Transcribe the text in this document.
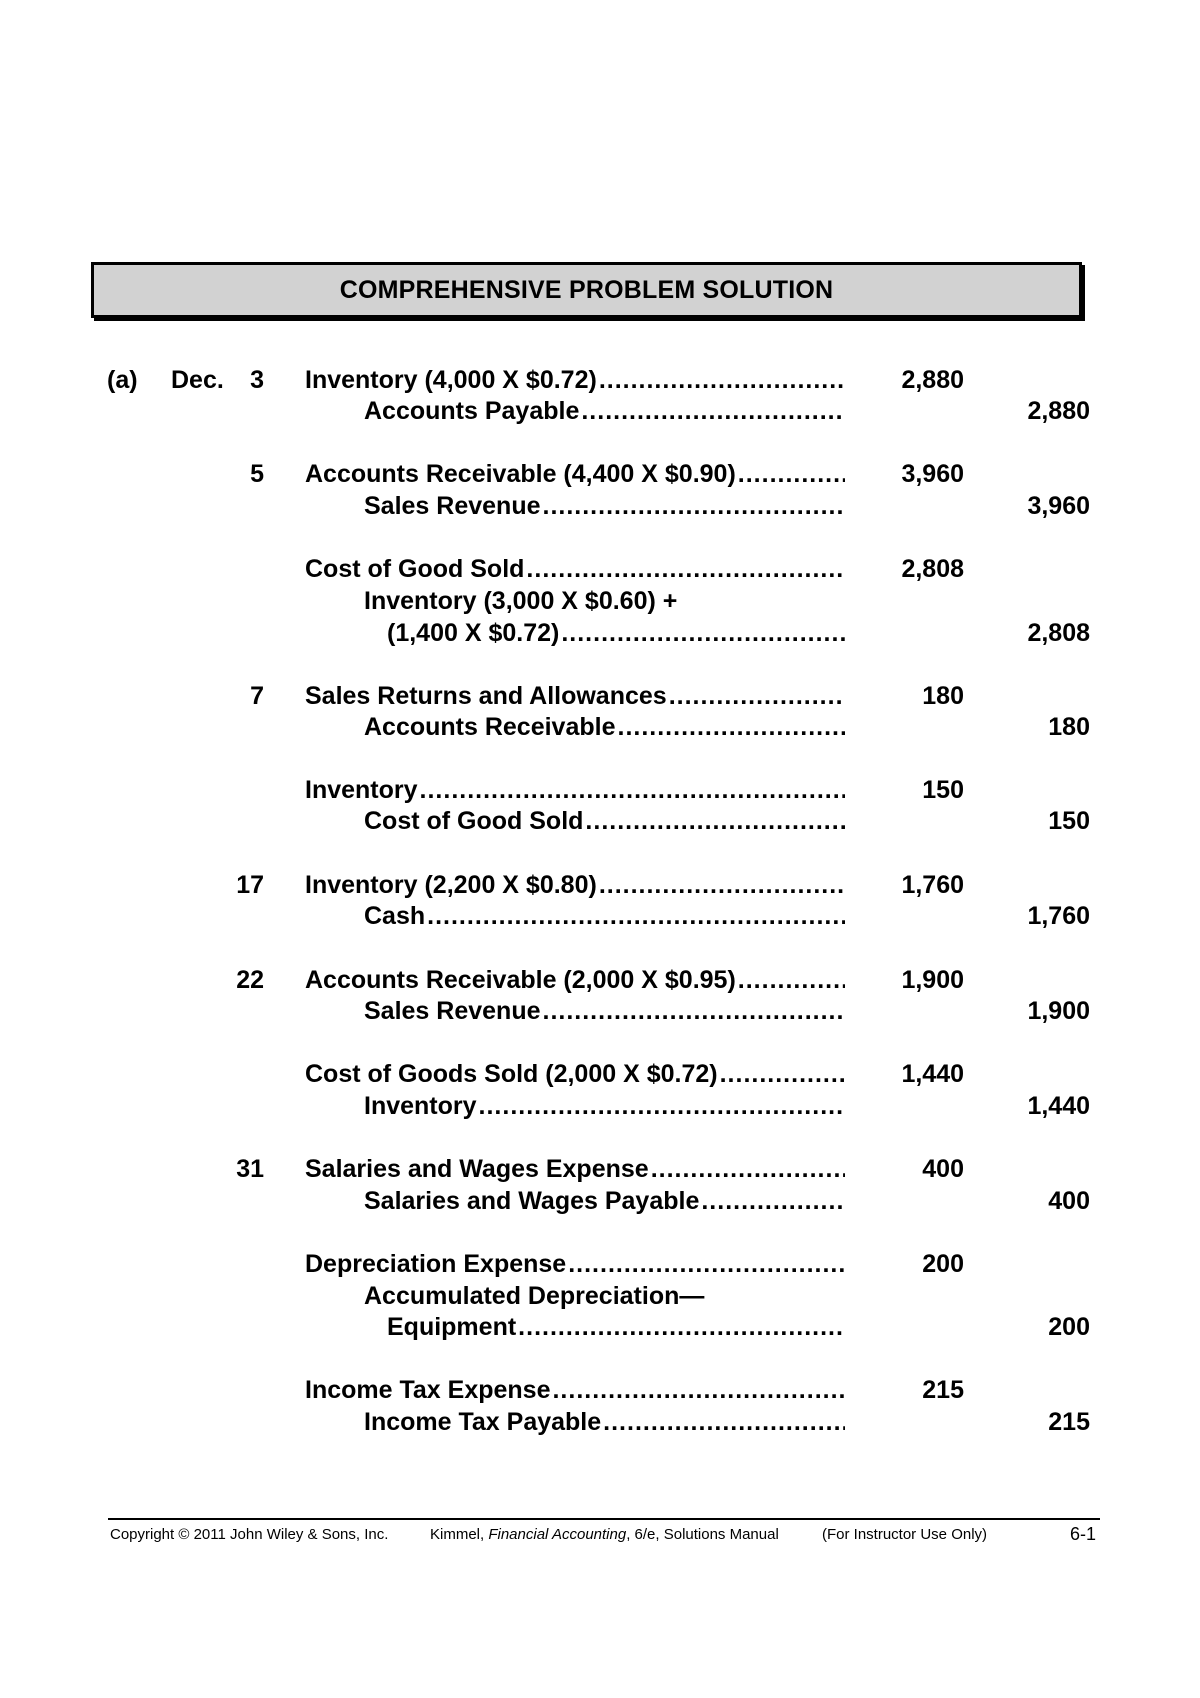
COMPREHENSIVE PROBLEM SOLUTION
(a) Dec. 3 Inventory (4,000 X $0.72) .....	2,880
Accounts Payable .....	2,880
5 Accounts Receivable (4,400 X $0.90) .....	3,960
Sales Revenue .....	3,960
Cost of Good Sold .....	2,808
Inventory (3,000 X $0.60) +
(1,400 X $0.72) .....	2,808
7 Sales Returns and Allowances .....	180
Accounts Receivable .....	180
Inventory .....	150
Cost of Good Sold .....	150
17 Inventory (2,200 X $0.80) .....	1,760
Cash .....	1,760
22 Accounts Receivable (2,000 X $0.95) .....	1,900
Sales Revenue .....	1,900
Cost of Goods Sold (2,000 X $0.72) .....	1,440
Inventory .....	1,440
31 Salaries and Wages Expense .....	400
Salaries and Wages Payable .....	400
Depreciation Expense .....	200
Accumulated Depreciation—
Equipment .....	200
Income Tax Expense .....	215
Income Tax Payable .....	215
Copyright © 2011 John Wiley & Sons, Inc.	Kimmel, Financial Accounting, 6/e, Solutions Manual	(For Instructor Use Only)	6-1
